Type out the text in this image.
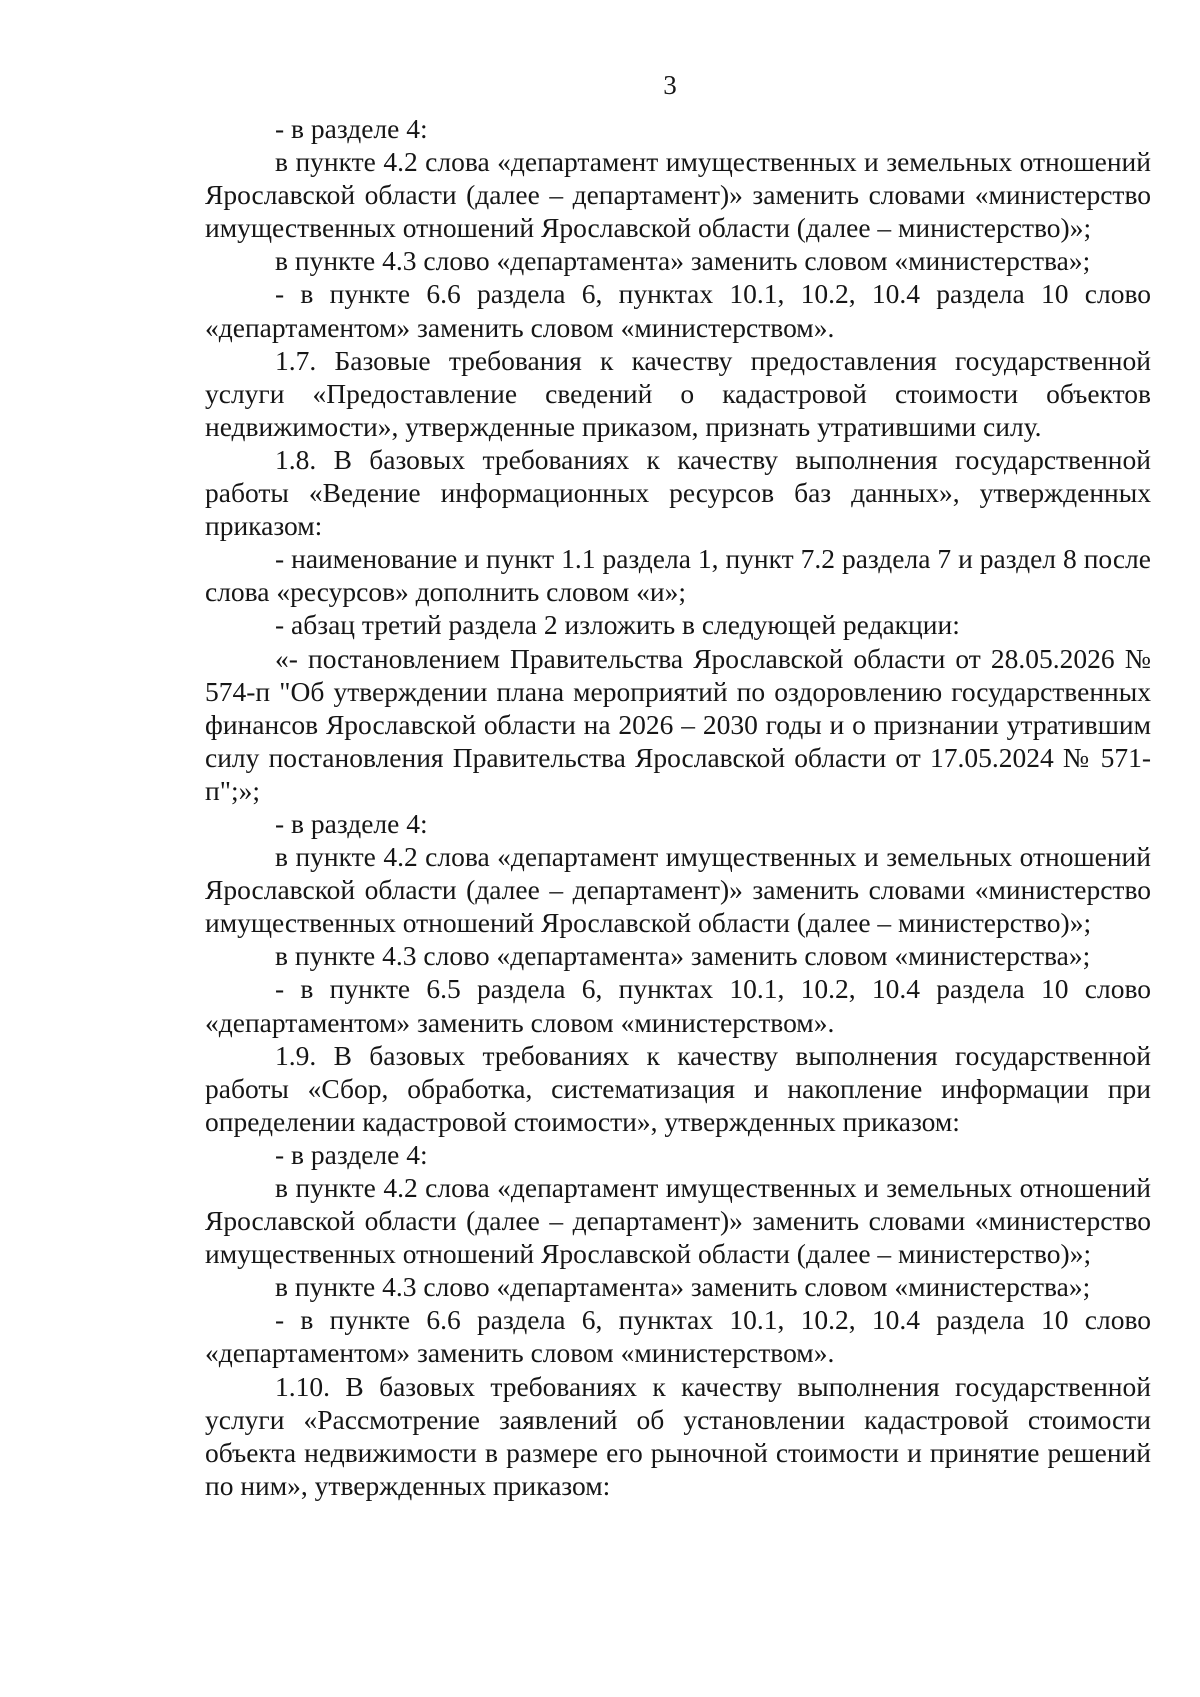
3

- в разделе 4:

в пункте 4.2 слова «департамент имущественных и земельных отношений Ярославской области (далее – департамент)» заменить словами «министерство имущественных отношений Ярославской области (далее – министерство)»;

в пункте 4.3 слово «департамента» заменить словом «министерства»;

- в пункте 6.6 раздела 6, пунктах 10.1, 10.2, 10.4 раздела 10 слово «департаментом» заменить словом «министерством».

1.7. Базовые требования к качеству предоставления государственной услуги «Предоставление сведений о кадастровой стоимости объектов недвижимости», утвержденные приказом, признать утратившими силу.

1.8. В базовых требованиях к качеству выполнения государственной работы «Ведение информационных ресурсов баз данных», утвержденных приказом:

- наименование и пункт 1.1 раздела 1, пункт 7.2 раздела 7 и раздел 8 после слова «ресурсов» дополнить словом «и»;

- абзац третий раздела 2 изложить в следующей редакции:

«- постановлением Правительства Ярославской области от 28.05.2026 № 574-п "Об утверждении плана мероприятий по оздоровлению государственных финансов Ярославской области на 2026 – 2030 годы и о признании утратившим силу постановления Правительства Ярославской области от 17.05.2024 № 571-п";»;

- в разделе 4:

в пункте 4.2 слова «департамент имущественных и земельных отношений Ярославской области (далее – департамент)» заменить словами «министерство имущественных отношений Ярославской области (далее – министерство)»;

в пункте 4.3 слово «департамента» заменить словом «министерства»;

- в пункте 6.5 раздела 6, пунктах 10.1, 10.2, 10.4 раздела 10 слово «департаментом» заменить словом «министерством».

1.9. В базовых требованиях к качеству выполнения государственной работы «Сбор, обработка, систематизация и накопление информации при определении кадастровой стоимости», утвержденных приказом:

- в разделе 4:

в пункте 4.2 слова «департамент имущественных и земельных отношений Ярославской области (далее – департамент)» заменить словами «министерство имущественных отношений Ярославской области (далее – министерство)»;

в пункте 4.3 слово «департамента» заменить словом «министерства»;

- в пункте 6.6 раздела 6, пунктах 10.1, 10.2, 10.4 раздела 10 слово «департаментом» заменить словом «министерством».

1.10. В базовых требованиях к качеству выполнения государственной услуги «Рассмотрение заявлений об установлении кадастровой стоимости объекта недвижимости в размере его рыночной стоимости и принятие решений по ним», утвержденных приказом:
